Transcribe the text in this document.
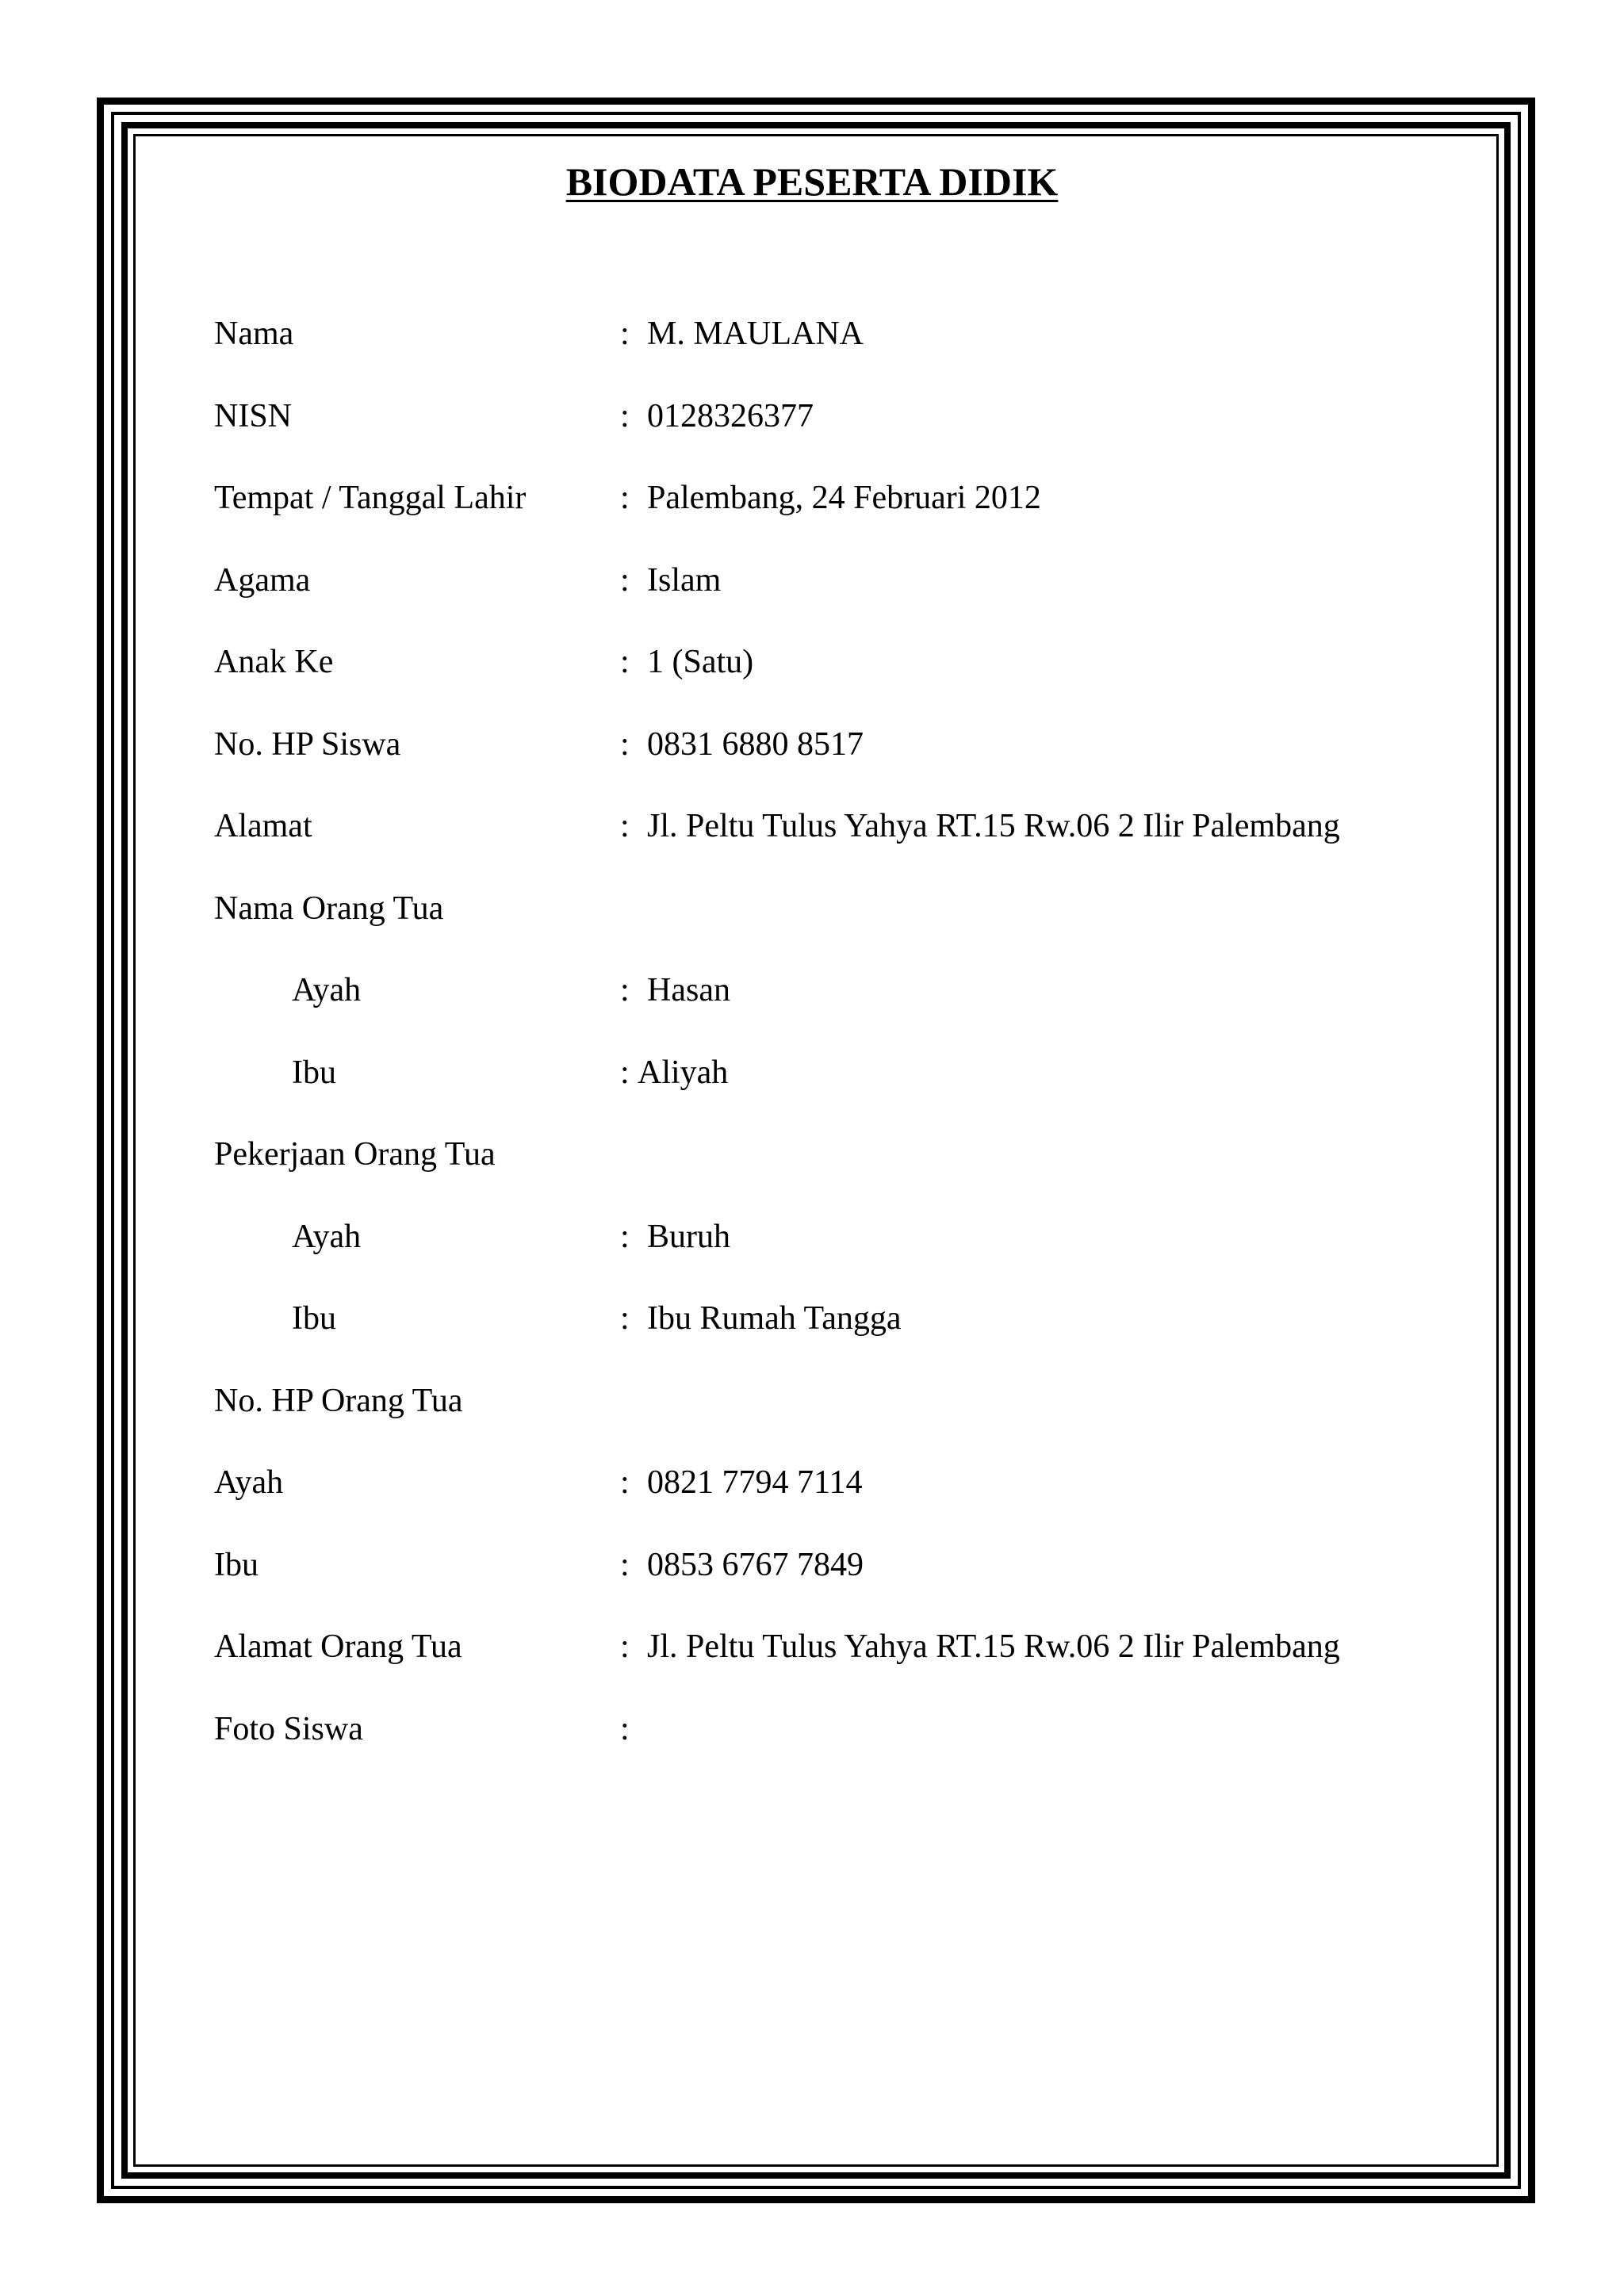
BIODATA PESERTA DIDIK
Nama	: M. MAULANA
NISN	: 0128326377
Tempat / Tanggal Lahir	: Palembang, 24 Februari 2012
Agama	: Islam
Anak Ke	: 1 (Satu)
No. HP Siswa	: 0831 6880 8517
Alamat	: Jl. Peltu Tulus Yahya RT.15 Rw.06 2 Ilir Palembang
Nama Orang Tua
Ayah	: Hasan
Ibu	: Aliyah
Pekerjaan Orang Tua
Ayah	: Buruh
Ibu	: Ibu Rumah Tangga
No. HP Orang Tua
Ayah	: 0821 7794 7114
Ibu	: 0853 6767 7849
Alamat Orang Tua	: Jl. Peltu Tulus Yahya RT.15 Rw.06 2 Ilir Palembang
Foto Siswa	:
